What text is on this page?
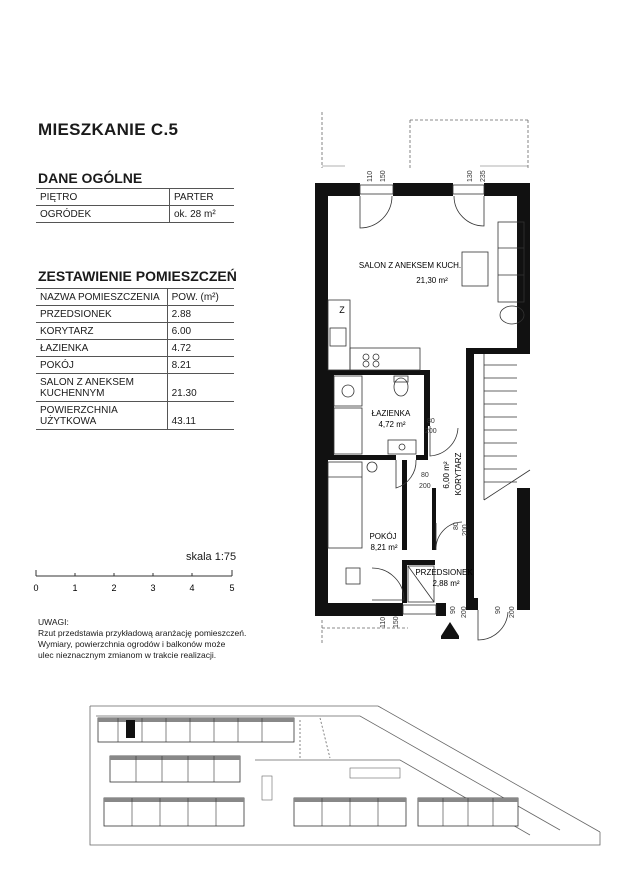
MIESZKANIE C.5
DANE OGÓLNE
PIĘTRO	PARTER
OGRÓDEK	ok. 28 m²
ZESTAWIENIE POMIESZCZEŃ
NAZWA POMIESZCZENIA	POW. (m²)
PRZEDSIONEK	2.88
KORYTARZ	6.00
ŁAZIENKA	4.72
POKÓJ	8.21
SALON Z ANEKSEM KUCHENNYM	21.30
POWIERZCHNIA UŻYTKOWA	43.11
skala 1:75
0	1	2	3	4	5
UWAGI:
Rzut przedstawia przykładową aranżację pomieszczeń.
Wymiary, powierzchnia ogrodów i balkonów może
ulec nieznacznym zmianom w trakcie realizacji.
Z
SALON Z ANEKSEM KUCH.
21,30 m²
ŁAZIENKA
4,72 m²
POKÓJ
8,21 m²
PRZEDSIONEK
2,88 m²
KORYTARZ
6,00 m²
110 150	130 235
80
200
80
200
80 200
110 150
90 200	90 200
